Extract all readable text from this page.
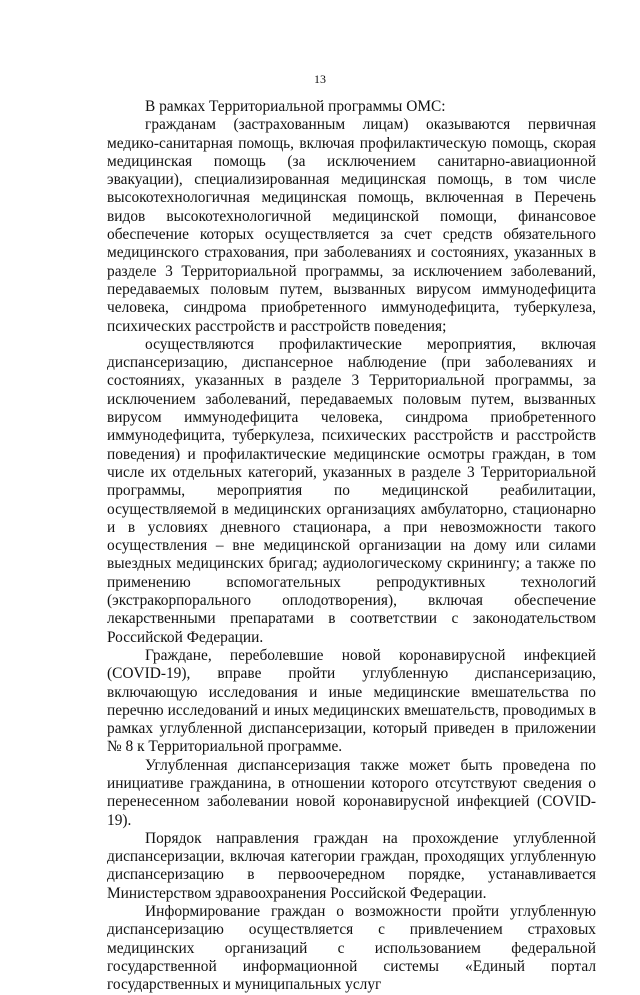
13

В рамках Территориальной программы ОМС:

гражданам (застрахованным лицам) оказываются первичная медико-санитарная помощь, включая профилактическую помощь, скорая медицинская помощь (за исключением санитарно-авиационной эвакуации), специализированная медицинская помощь, в том числе высокотехнологичная медицинская помощь, включенная в Перечень видов высокотехнологичной медицинской помощи, финансовое обеспечение которых осуществляется за счет средств обязательного медицинского страхования, при заболеваниях и состояниях, указанных в разделе 3 Территориальной программы, за исключением заболеваний, передаваемых половым путем, вызванных вирусом иммунодефицита человека, синдрома приобретенного иммунодефицита, туберкулеза, психических расстройств и расстройств поведения;

осуществляются профилактические мероприятия, включая диспансеризацию, диспансерное наблюдение (при заболеваниях и состояниях, указанных в разделе 3 Территориальной программы, за исключением заболеваний, передаваемых половым путем, вызванных вирусом иммунодефицита человека, синдрома приобретенного иммунодефицита, туберкулеза, психических расстройств и расстройств поведения) и профилактические медицинские осмотры граждан, в том числе их отдельных категорий, указанных в разделе 3 Территориальной программы, мероприятия по медицинской реабилитации, осуществляемой в медицинских организациях амбулаторно, стационарно и в условиях дневного стационара, а при невозможности такого осуществления – вне медицинской организации на дому или силами выездных медицинских бригад; аудиологическому скринингу; а также по применению вспомогательных репродуктивных технологий (экстракорпорального оплодотворения), включая обеспечение лекарственными препаратами в соответствии с законодательством Российской Федерации.

Граждане, переболевшие новой коронавирусной инфекцией (COVID-19), вправе пройти углубленную диспансеризацию, включающую исследования и иные медицинские вмешательства по перечню исследований и иных медицинских вмешательств, проводимых в рамках углубленной диспансеризации, который приведен в приложении № 8 к Территориальной программе.

Углубленная диспансеризация также может быть проведена по инициативе гражданина, в отношении которого отсутствуют сведения о перенесенном заболевании новой коронавирусной инфекцией (COVID-19).

Порядок направления граждан на прохождение углубленной диспансеризации, включая категории граждан, проходящих углубленную диспансеризацию в первоочередном порядке, устанавливается Министерством здравоохранения Российской Федерации.

Информирование граждан о возможности пройти углубленную диспансеризацию осуществляется с привлечением страховых медицинских организаций с использованием федеральной государственной информационной системы «Единый портал государственных и муниципальных услуг
